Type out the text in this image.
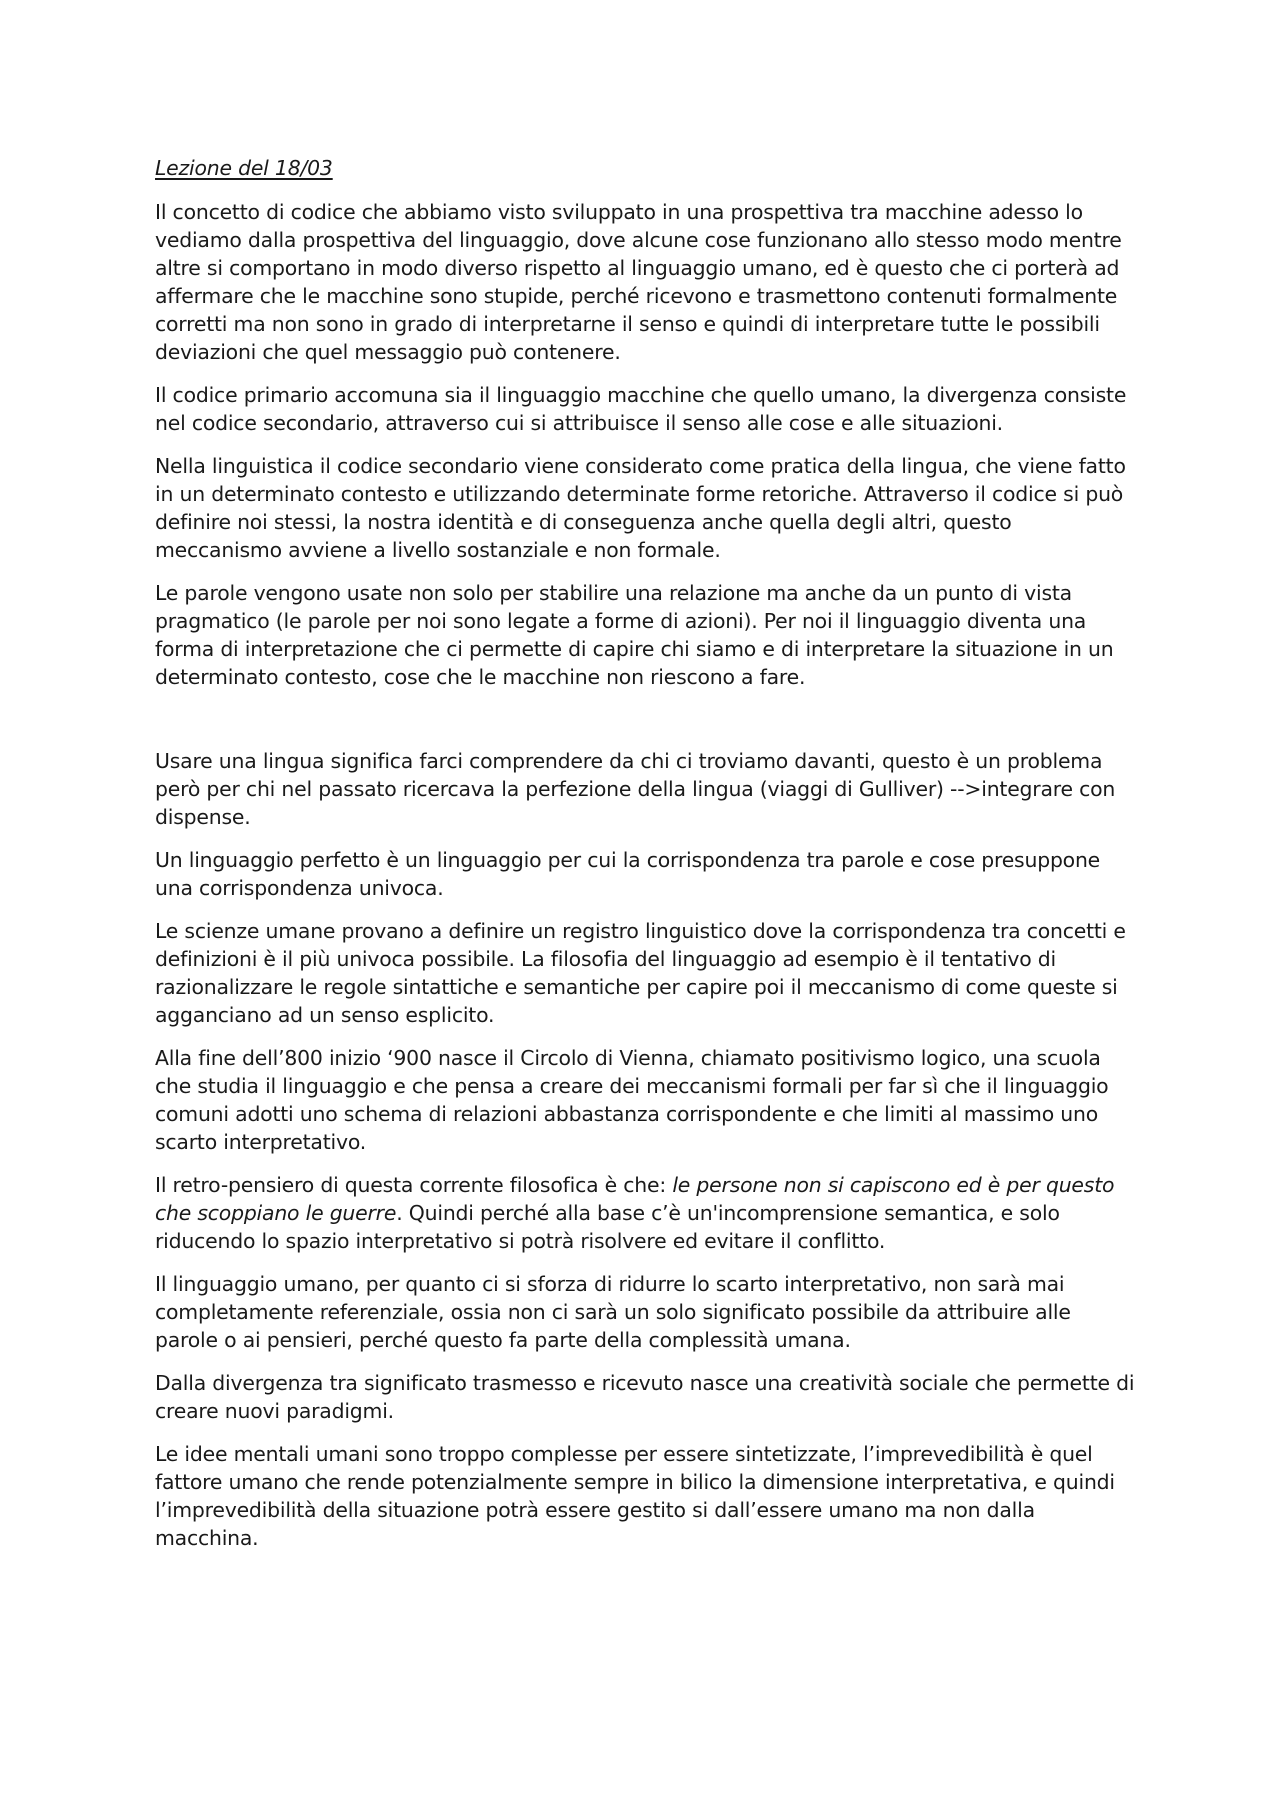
Lezione del 18/03

Il concetto di codice che abbiamo visto sviluppato in una prospettiva tra macchine adesso lo vediamo dalla prospettiva del linguaggio, dove alcune cose funzionano allo stesso modo mentre altre si comportano in modo diverso rispetto al linguaggio umano, ed è questo che ci porterà ad affermare che le macchine sono stupide, perché ricevono e trasmettono contenuti formalmente corretti ma non sono in grado di interpretarne il senso e quindi di interpretare tutte le possibili deviazioni che quel messaggio può contenere.

Il codice primario accomuna sia il linguaggio macchine che quello umano, la divergenza consiste nel codice secondario, attraverso cui si attribuisce il senso alle cose e alle situazioni.

Nella linguistica il codice secondario viene considerato come pratica della lingua, che viene fatto in un determinato contesto e utilizzando determinate forme retoriche. Attraverso il codice si può definire noi stessi, la nostra identità e di conseguenza anche quella degli altri, questo meccanismo avviene a livello sostanziale e non formale.

Le parole vengono usate non solo per stabilire una relazione ma anche da un punto di vista pragmatico (le parole per noi sono legate a forme di azioni). Per noi il linguaggio diventa una forma di interpretazione che ci permette di capire chi siamo e di interpretare la situazione in un determinato contesto, cose che le macchine non riescono a fare.

Usare una lingua significa farci comprendere da chi ci troviamo davanti, questo è un problema però per chi nel passato ricercava la perfezione della lingua (viaggi di Gulliver) -->integrare con dispense.

Un linguaggio perfetto è un linguaggio per cui la corrispondenza tra parole e cose presuppone una corrispondenza univoca.

Le scienze umane provano a definire un registro linguistico dove la corrispondenza tra concetti e definizioni è il più univoca possibile. La filosofia del linguaggio ad esempio è il tentativo di razionalizzare le regole sintattiche e semantiche per capire poi il meccanismo di come queste si agganciano ad un senso esplicito.

Alla fine dell’800 inizio ‘900 nasce il Circolo di Vienna, chiamato positivismo logico, una scuola che studia il linguaggio e che pensa a creare dei meccanismi formali per far sì che il linguaggio comuni adotti uno schema di relazioni abbastanza corrispondente e che limiti al massimo uno scarto interpretativo.

Il retro-pensiero di questa corrente filosofica è che: le persone non si capiscono ed è per questo che scoppiano le guerre. Quindi perché alla base c’è un'incomprensione semantica, e solo riducendo lo spazio interpretativo si potrà risolvere ed evitare il conflitto.

Il linguaggio umano, per quanto ci si sforza di ridurre lo scarto interpretativo, non sarà mai completamente referenziale, ossia non ci sarà un solo significato possibile da attribuire alle parole o ai pensieri, perché questo fa parte della complessità umana.

Dalla divergenza tra significato trasmesso e ricevuto nasce una creatività sociale che permette di creare nuovi paradigmi.

Le idee mentali umani sono troppo complesse per essere sintetizzate, l’imprevedibilità è quel fattore umano che rende potenzialmente sempre in bilico la dimensione interpretativa, e quindi l’imprevedibilità della situazione potrà essere gestito si dall’essere umano ma non dalla macchina.
